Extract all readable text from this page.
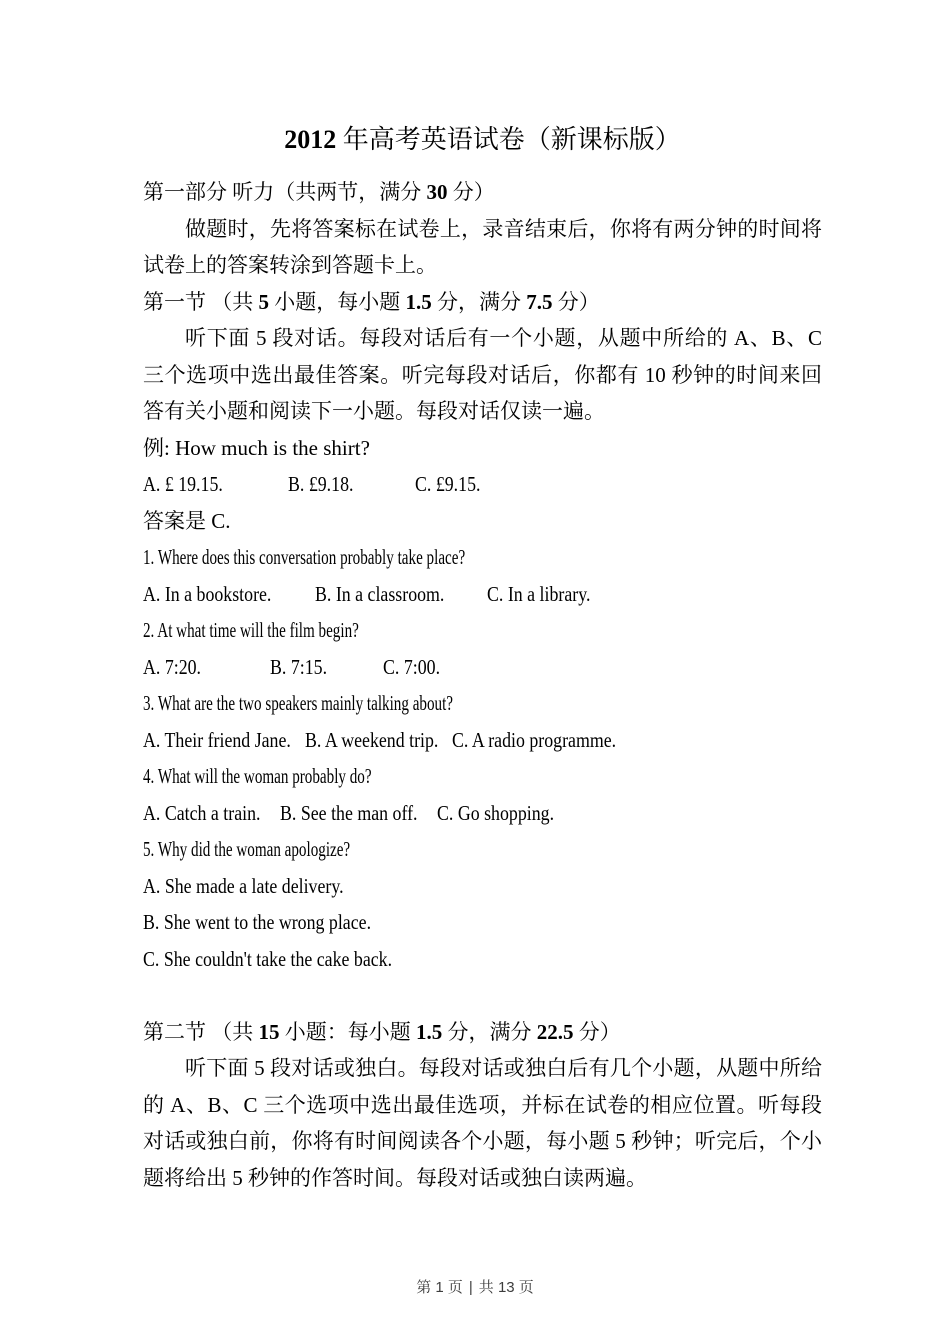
2012 年高考英语试卷（新课标版）
第一部分 听力（共两节，满分 30 分）
做题时，先将答案标在试卷上，录音结束后，你将有两分钟的时间将试卷上的答案转涂到答题卡上。
第一节 （共 5 小题，每小题 1.5 分，满分 7.5 分）
听下面 5 段对话。每段对话后有一个小题，从题中所给的 A、B、C 三个选项中选出最佳答案。听完每段对话后，你都有 10 秒钟的时间来回答有关小题和阅读下一小题。每段对话仅读一遍。
例: How much is the shirt?
A. £ 19.15.	B. £9.18.	C. £9.15.
答案是 C.
1. Where does this conversation probably take place?
A. In a bookstore. B. In a classroom. C. In a library.
2. At what time will the film begin?
A. 7:20.	B. 7:15.	C. 7:00.
3. What are the two speakers mainly talking about?
A. Their friend Jane. B. A weekend trip. C. A radio programme.
4. What will the woman probably do?
A. Catch a train. B. See the man off. C. Go shopping.
5. Why did the woman apologize?
A. She made a late delivery.
B. She went to the wrong place.
C. She couldn't take the cake back.
第二节 （共 15 小题：每小题 1.5 分，满分 22.5 分）
听下面 5 段对话或独白。每段对话或独白后有几个小题，从题中所给的 A、B、C 三个选项中选出最佳选项，并标在试卷的相应位置。听每段对话或独白前，你将有时间阅读各个小题，每小题 5 秒钟；听完后，个小题将给出 5 秒钟的作答时间。每段对话或独白读两遍。
第 1 页 | 共 13 页
